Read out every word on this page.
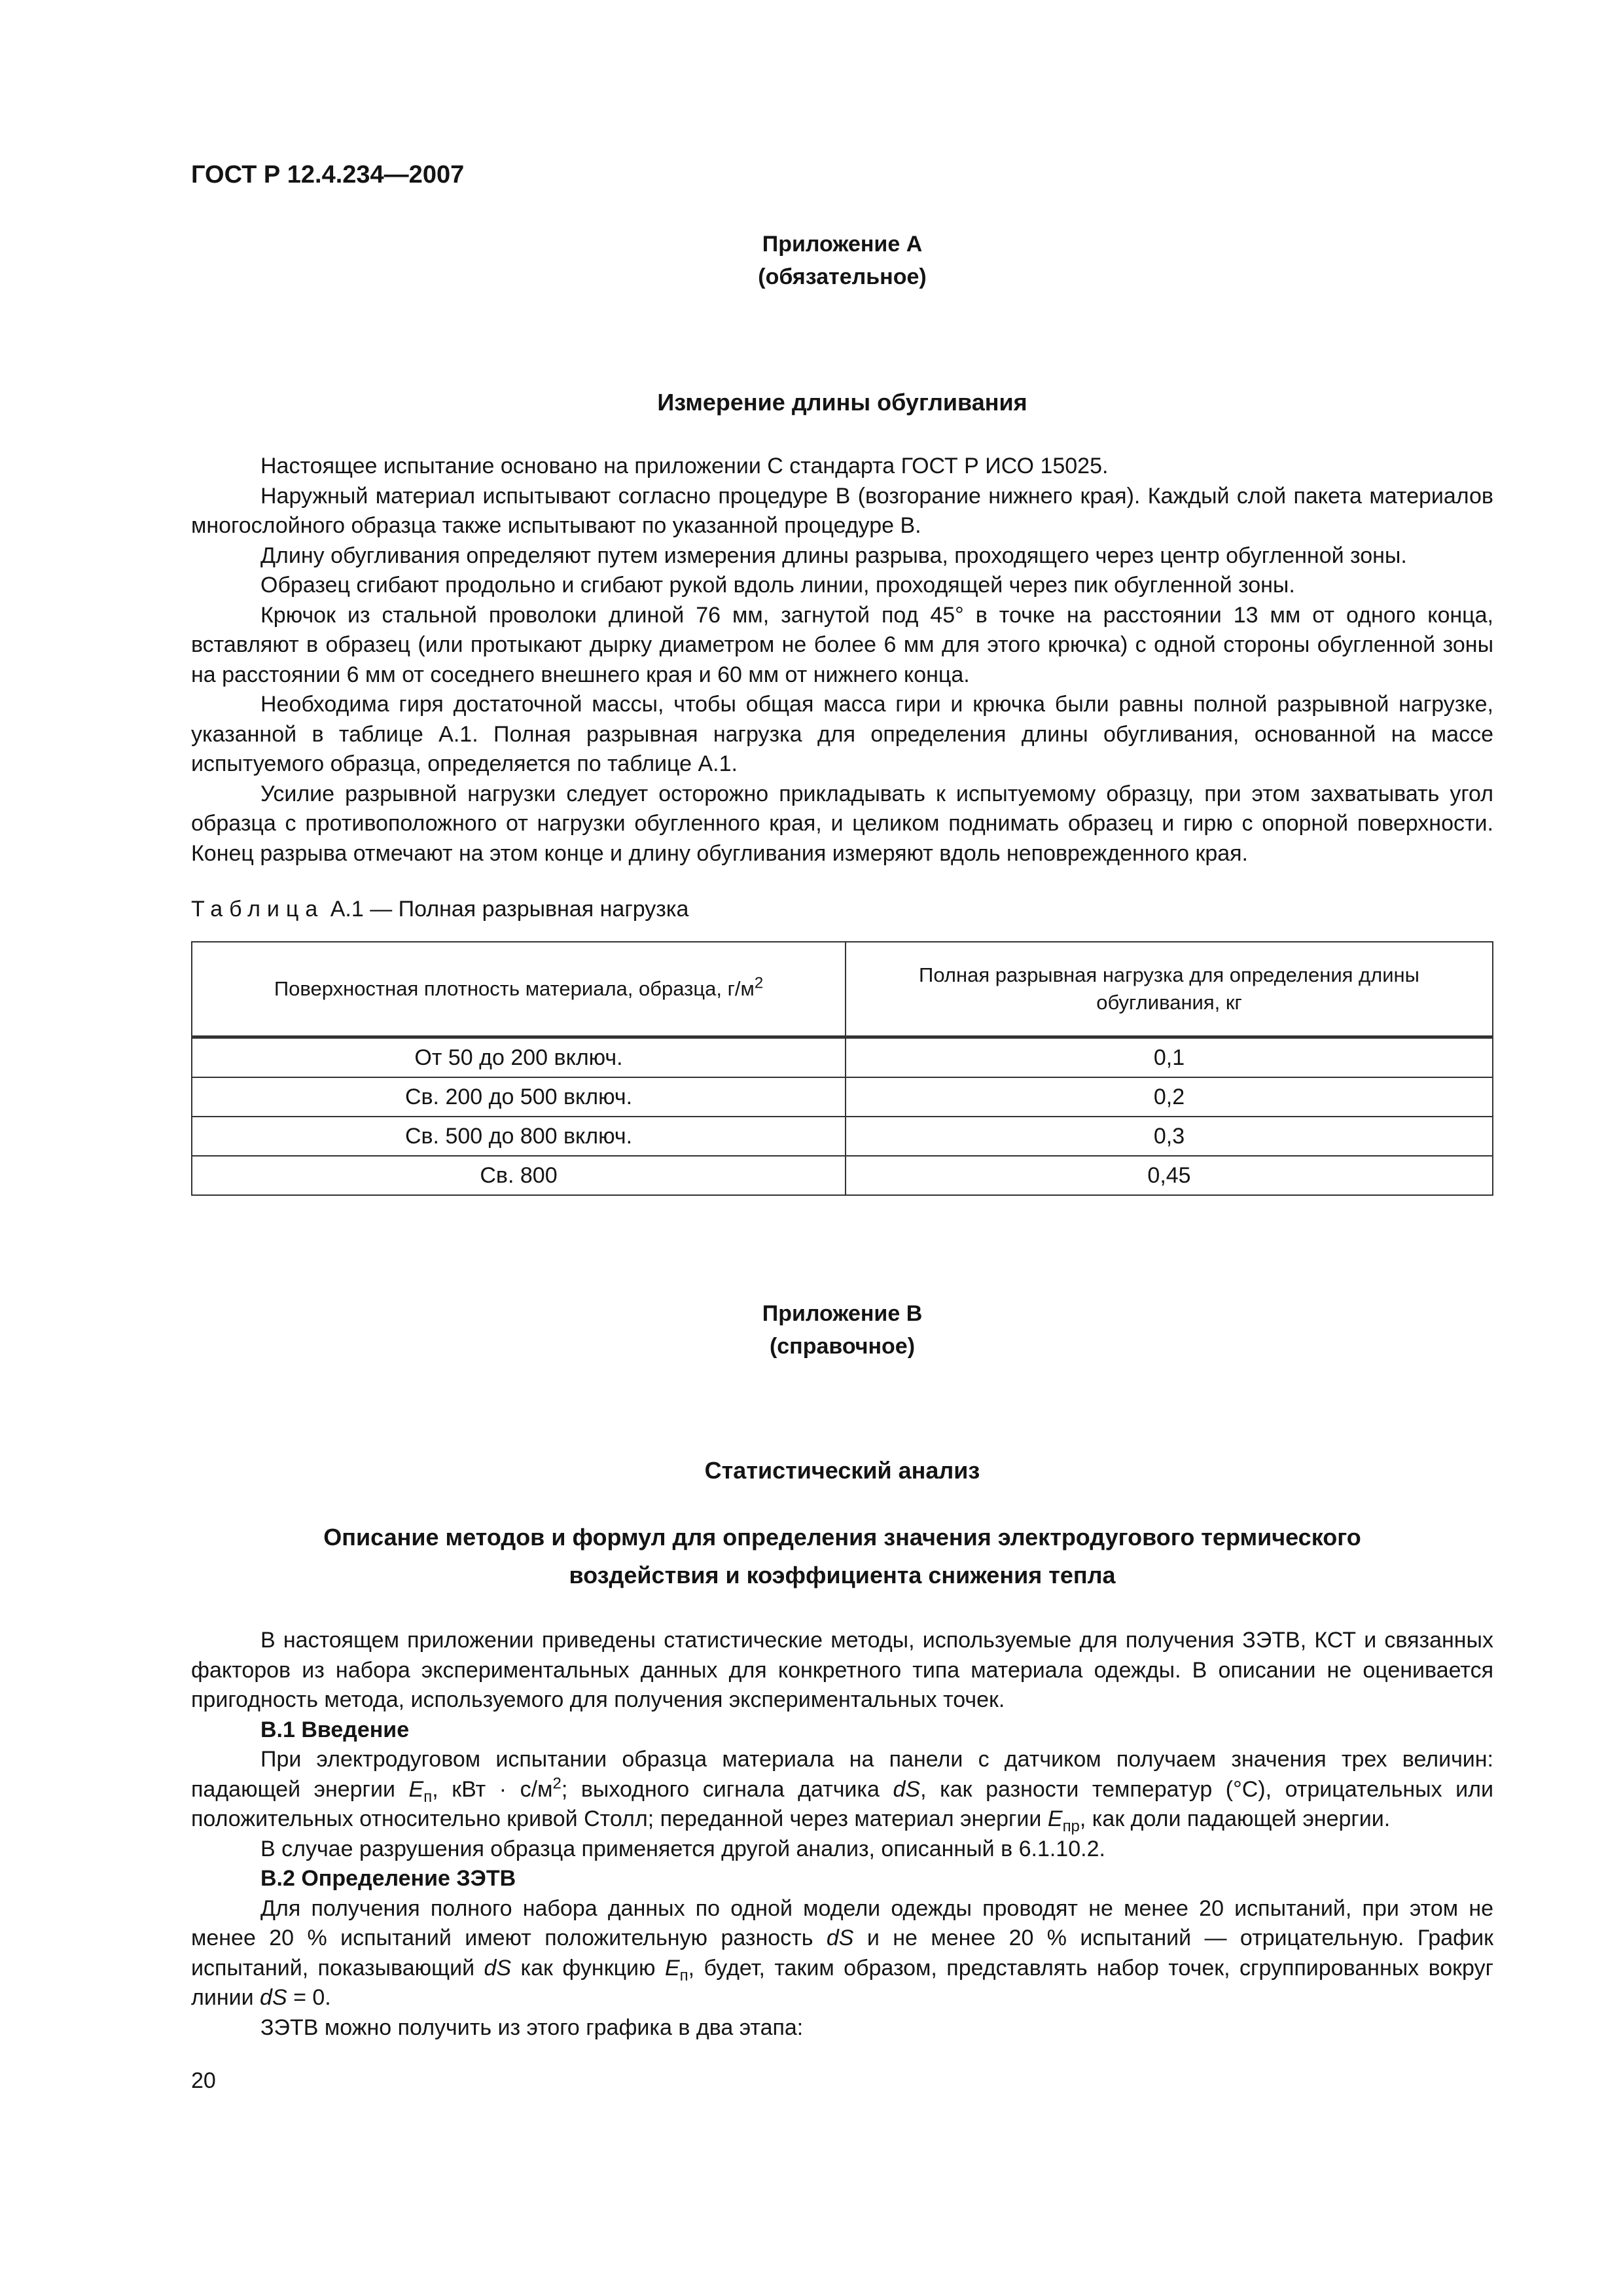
ГОСТ Р 12.4.234—2007
Приложение А
(обязательное)
Измерение длины обугливания

Настоящее испытание основано на приложении С стандарта ГОСТ Р ИСО 15025.

Наружный материал испытывают согласно процедуре В (возгорание нижнего края). Каждый слой пакета материалов многослойного образца также испытывают по указанной процедуре В.

Длину обугливания определяют путем измерения длины разрыва, проходящего через центр обугленной зоны.

Образец сгибают продольно и сгибают рукой вдоль линии, проходящей через пик обугленной зоны.

Крючок из стальной проволоки длиной 76 мм, загнутой под 45° в точке на расстоянии 13 мм от одного конца, вставляют в образец (или протыкают дырку диаметром не более 6 мм для этого крючка) с одной стороны обугленной зоны на расстоянии 6 мм от соседнего внешнего края и 60 мм от нижнего конца.

Необходима гиря достаточной массы, чтобы общая масса гири и крючка были равны полной разрывной нагрузке, указанной в таблице А.1. Полная разрывная нагрузка для определения длины обугливания, основанной на массе испытуемого образца, определяется по таблице А.1.

Усилие разрывной нагрузки следует осторожно прикладывать к испытуемому образцу, при этом захватывать угол образца с противоположного от нагрузки обугленного края, и целиком поднимать образец и гирю с опорной поверхности. Конец разрыва отмечают на этом конце и длину обугливания измеряют вдоль неповрежденного края.

Таблица А.1 — Полная разрывная нагрузка
Поверхностная плотность материала, образца, $г/м^2$	Полная разрывная нагрузка для определения длины обугливания, кг
От 50 до 200 включ.	0,1
Св. 200 до 500 включ.	0,2
Св. 500 до 800 включ.	0,3
Св. 800	0,45
Приложение В
(справочное)
Статистический анализ
Описание методов и формул для определения значения электродугового термического
воздействия и коэффициента снижения тепла

В настоящем приложении приведены статистические методы, используемые для получения ЗЭТВ, КСТ и связанных факторов из набора экспериментальных данных для конкретного типа материала одежды. В описании не оценивается пригодность метода, используемого для получения экспериментальных точек.

В.1 Введение

При электродуговом испытании образца материала на панели с датчиком получаем значения трех величин: падающей энергии $E_п$, кВт · $с/м^2$; выходного сигнала датчика dS, как разности температур (°С), отрицательных или положительных относительно кривой Столл; переданной через материал энергии $E_{пр}$, как доли падающей энергии.

В случае разрушения образца применяется другой анализ, описанный в 6.1.10.2.

В.2 Определение ЗЭТВ

Для получения полного набора данных по одной модели одежды проводят не менее 20 испытаний, при этом не менее 20 % испытаний имеют положительную разность dS и не менее 20 % испытаний — отрицательную. График испытаний, показывающий dS как функцию $E_п$, будет, таким образом, представлять набор точек, сгруппированных вокруг линии dS = 0.

ЗЭТВ можно получить из этого графика в два этапа:

20
